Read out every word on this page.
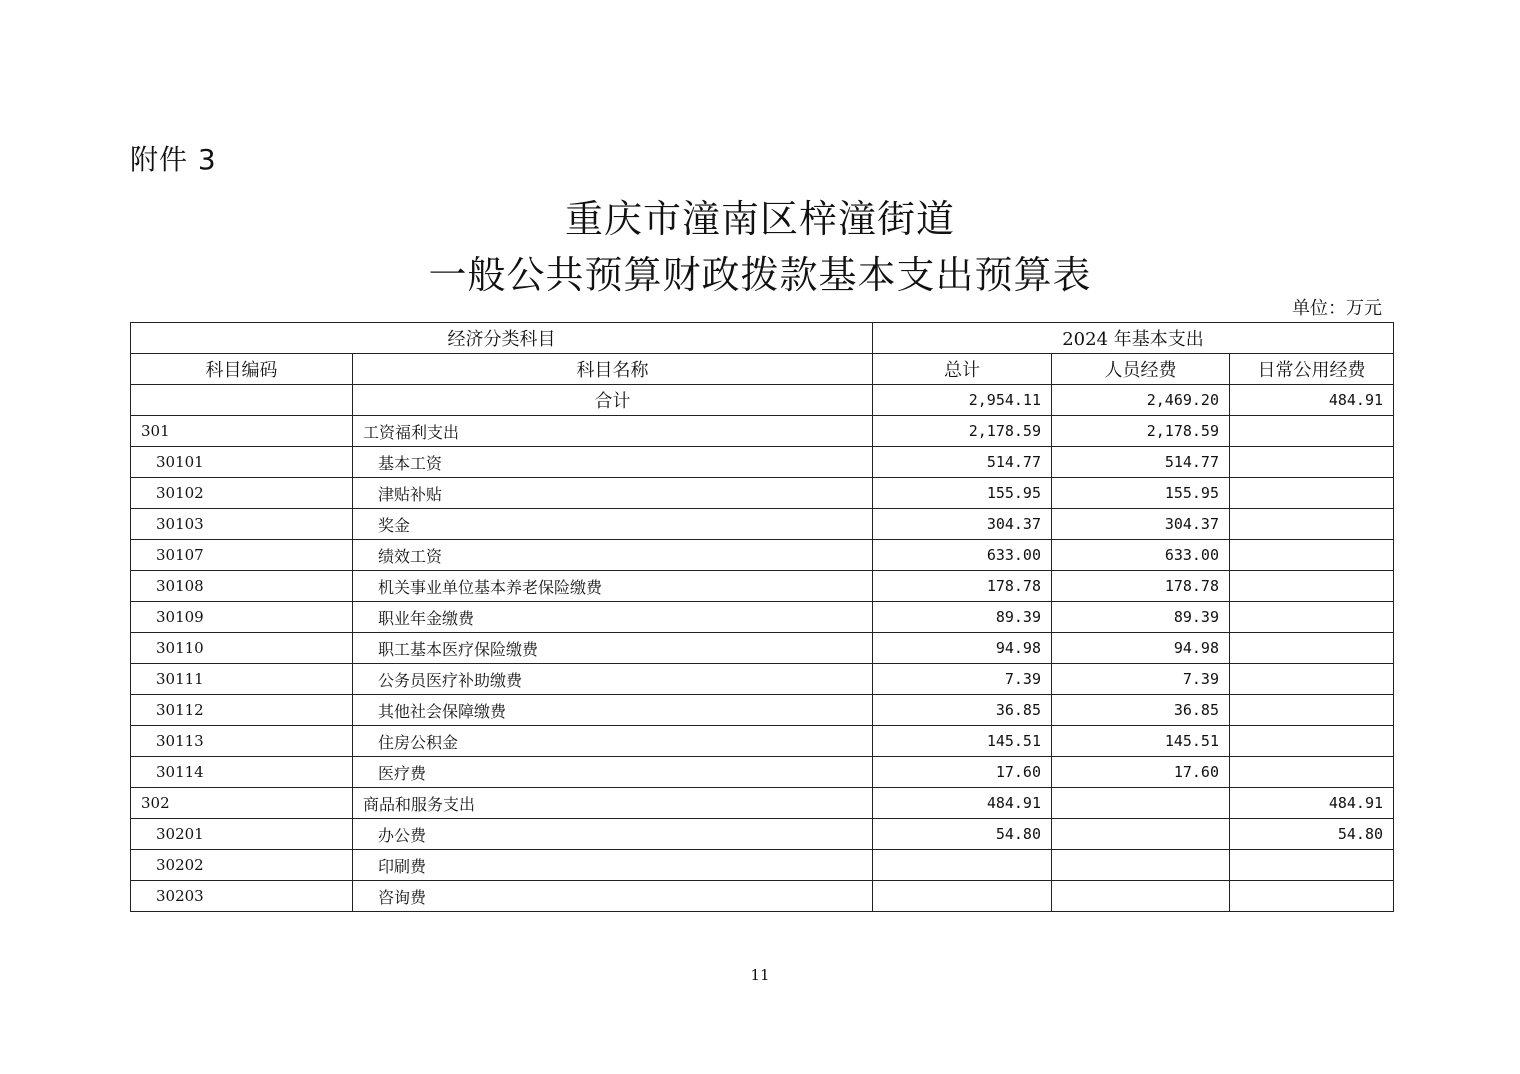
附件 3
重庆市潼南区梓潼街道
一般公共预算财政拨款基本支出预算表
单位：万元
经济分类科目		2024 年基本支出		
科目编码	科目名称	总计	人员经费	日常公用经费
	合计	2,954.11	2,469.20	484.91
301	工资福利支出	2,178.59	2,178.59	
30101	基本工资	514.77	514.77	
30102	津贴补贴	155.95	155.95	
30103	奖金	304.37	304.37	
30107	绩效工资	633.00	633.00	
30108	机关事业单位基本养老保险缴费	178.78	178.78	
30109	职业年金缴费	89.39	89.39	
30110	职工基本医疗保险缴费	94.98	94.98	
30111	公务员医疗补助缴费	7.39	7.39	
30112	其他社会保障缴费	36.85	36.85	
30113	住房公积金	145.51	145.51	
30114	医疗费	17.60	17.60	
302	商品和服务支出	484.91		484.91
30201	办公费	54.80		54.80
30202	印刷费			
30203	咨询费			
11
